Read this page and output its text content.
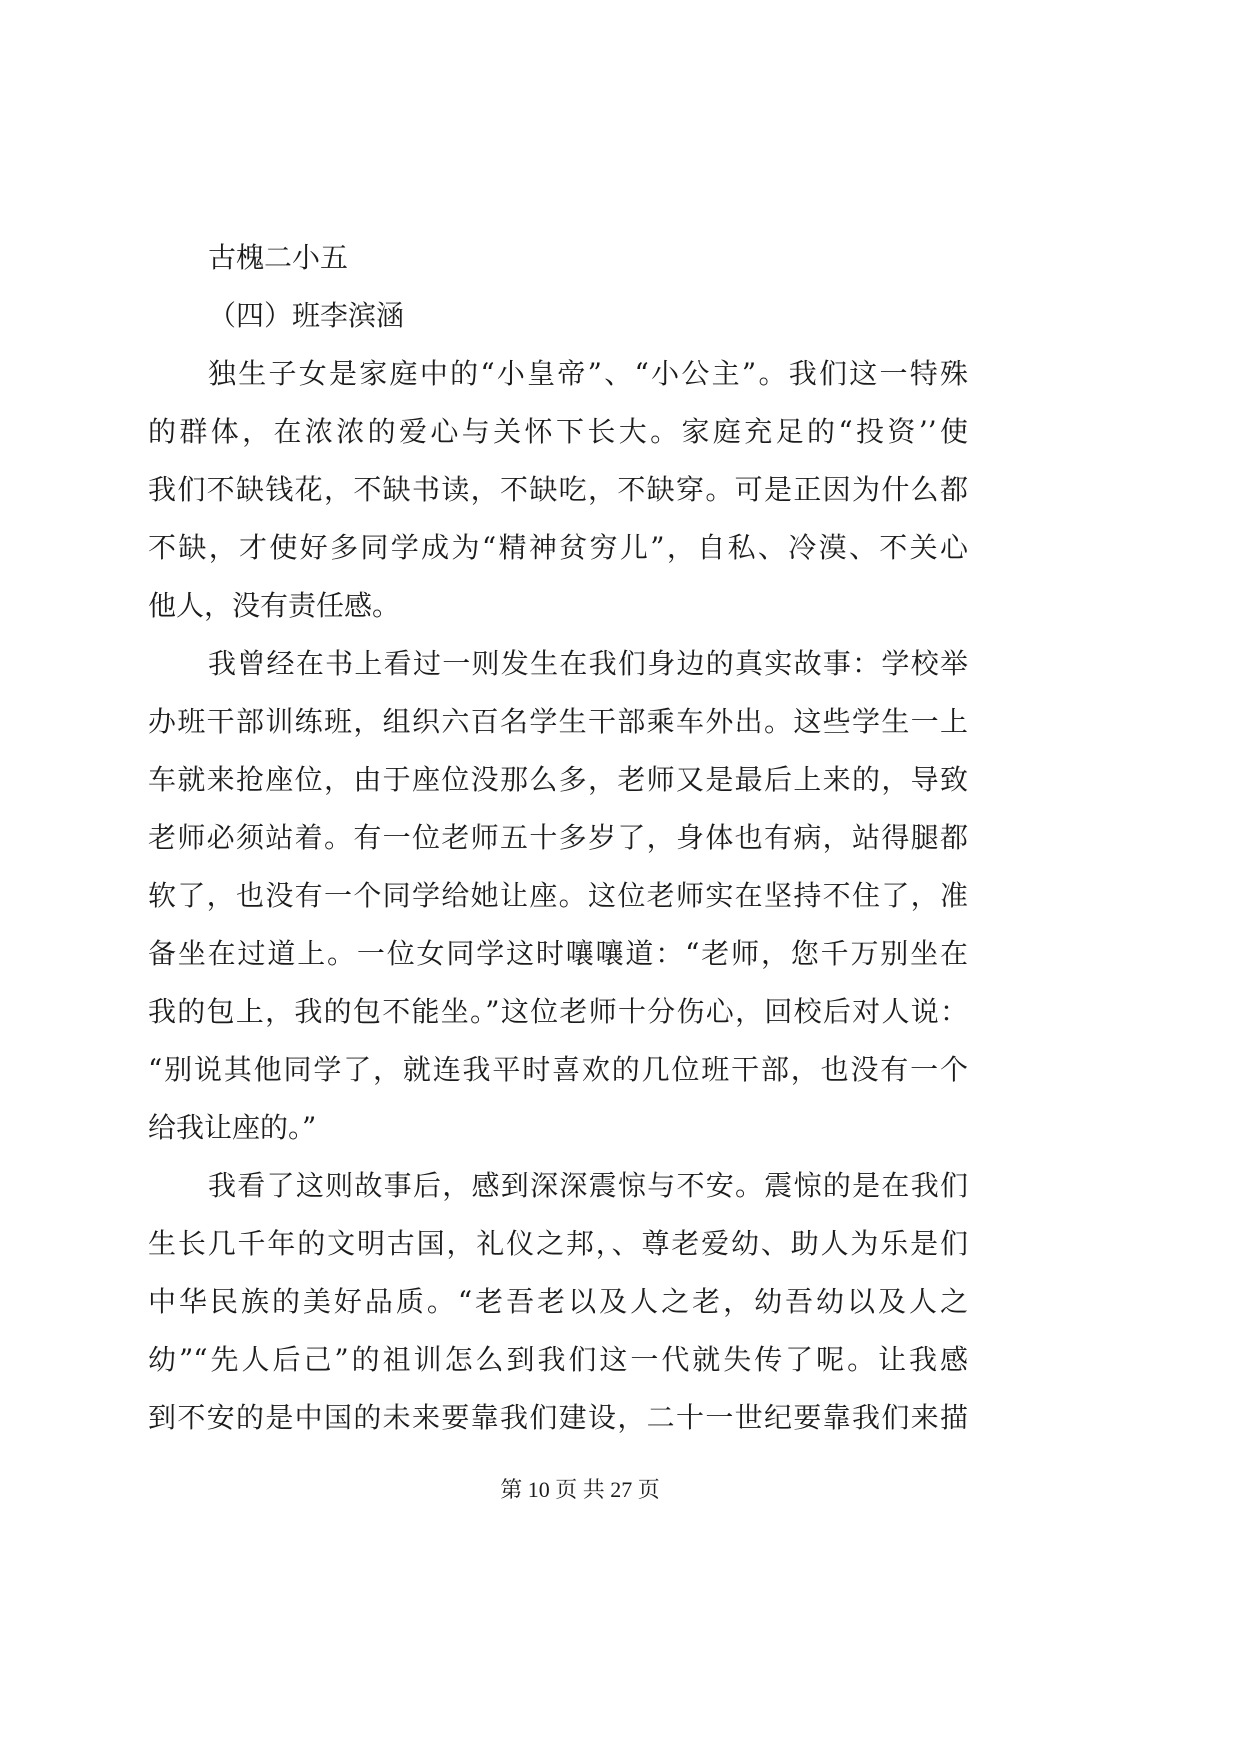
古槐二小五
（四）班李滨涵
独生子女是家庭中的“小皇帝”、“小公主”。我们这一特殊
的群体，在浓浓的爱心与关怀下长大。家庭充足的“投资’’使
我们不缺钱花，不缺书读，不缺吃，不缺穿。可是正因为什么都
不缺，才使好多同学成为“精神贫穷儿”，自私、冷漠、不关心
他人，没有责任感。
我曾经在书上看过一则发生在我们身边的真实故事：学校举
办班干部训练班，组织六百名学生干部乘车外出。这些学生一上
车就来抢座位，由于座位没那么多，老师又是最后上来的，导致
老师必须站着。有一位老师五十多岁了，身体也有病，站得腿都
软了，也没有一个同学给她让座。这位老师实在坚持不住了，准
备坐在过道上。一位女同学这时嚷嚷道：“老师，您千万别坐在
我的包上，我的包不能坐。”这位老师十分伤心，回校后对人说：
“别说其他同学了，就连我平时喜欢的几位班干部，也没有一个
给我让座的。”
我看了这则故事后，感到深深震惊与不安。震惊的是在我们
生长几千年的文明古国，礼仪之邦，、尊老爱幼、助人为乐是们
中华民族的美好品质。“老吾老以及人之老，幼吾幼以及人之
幼”“先人后己”的祖训怎么到我们这一代就失传了呢。让我感
到不安的是中国的未来要靠我们建设，二十一世纪要靠我们来描
第 10 页 共 27 页
